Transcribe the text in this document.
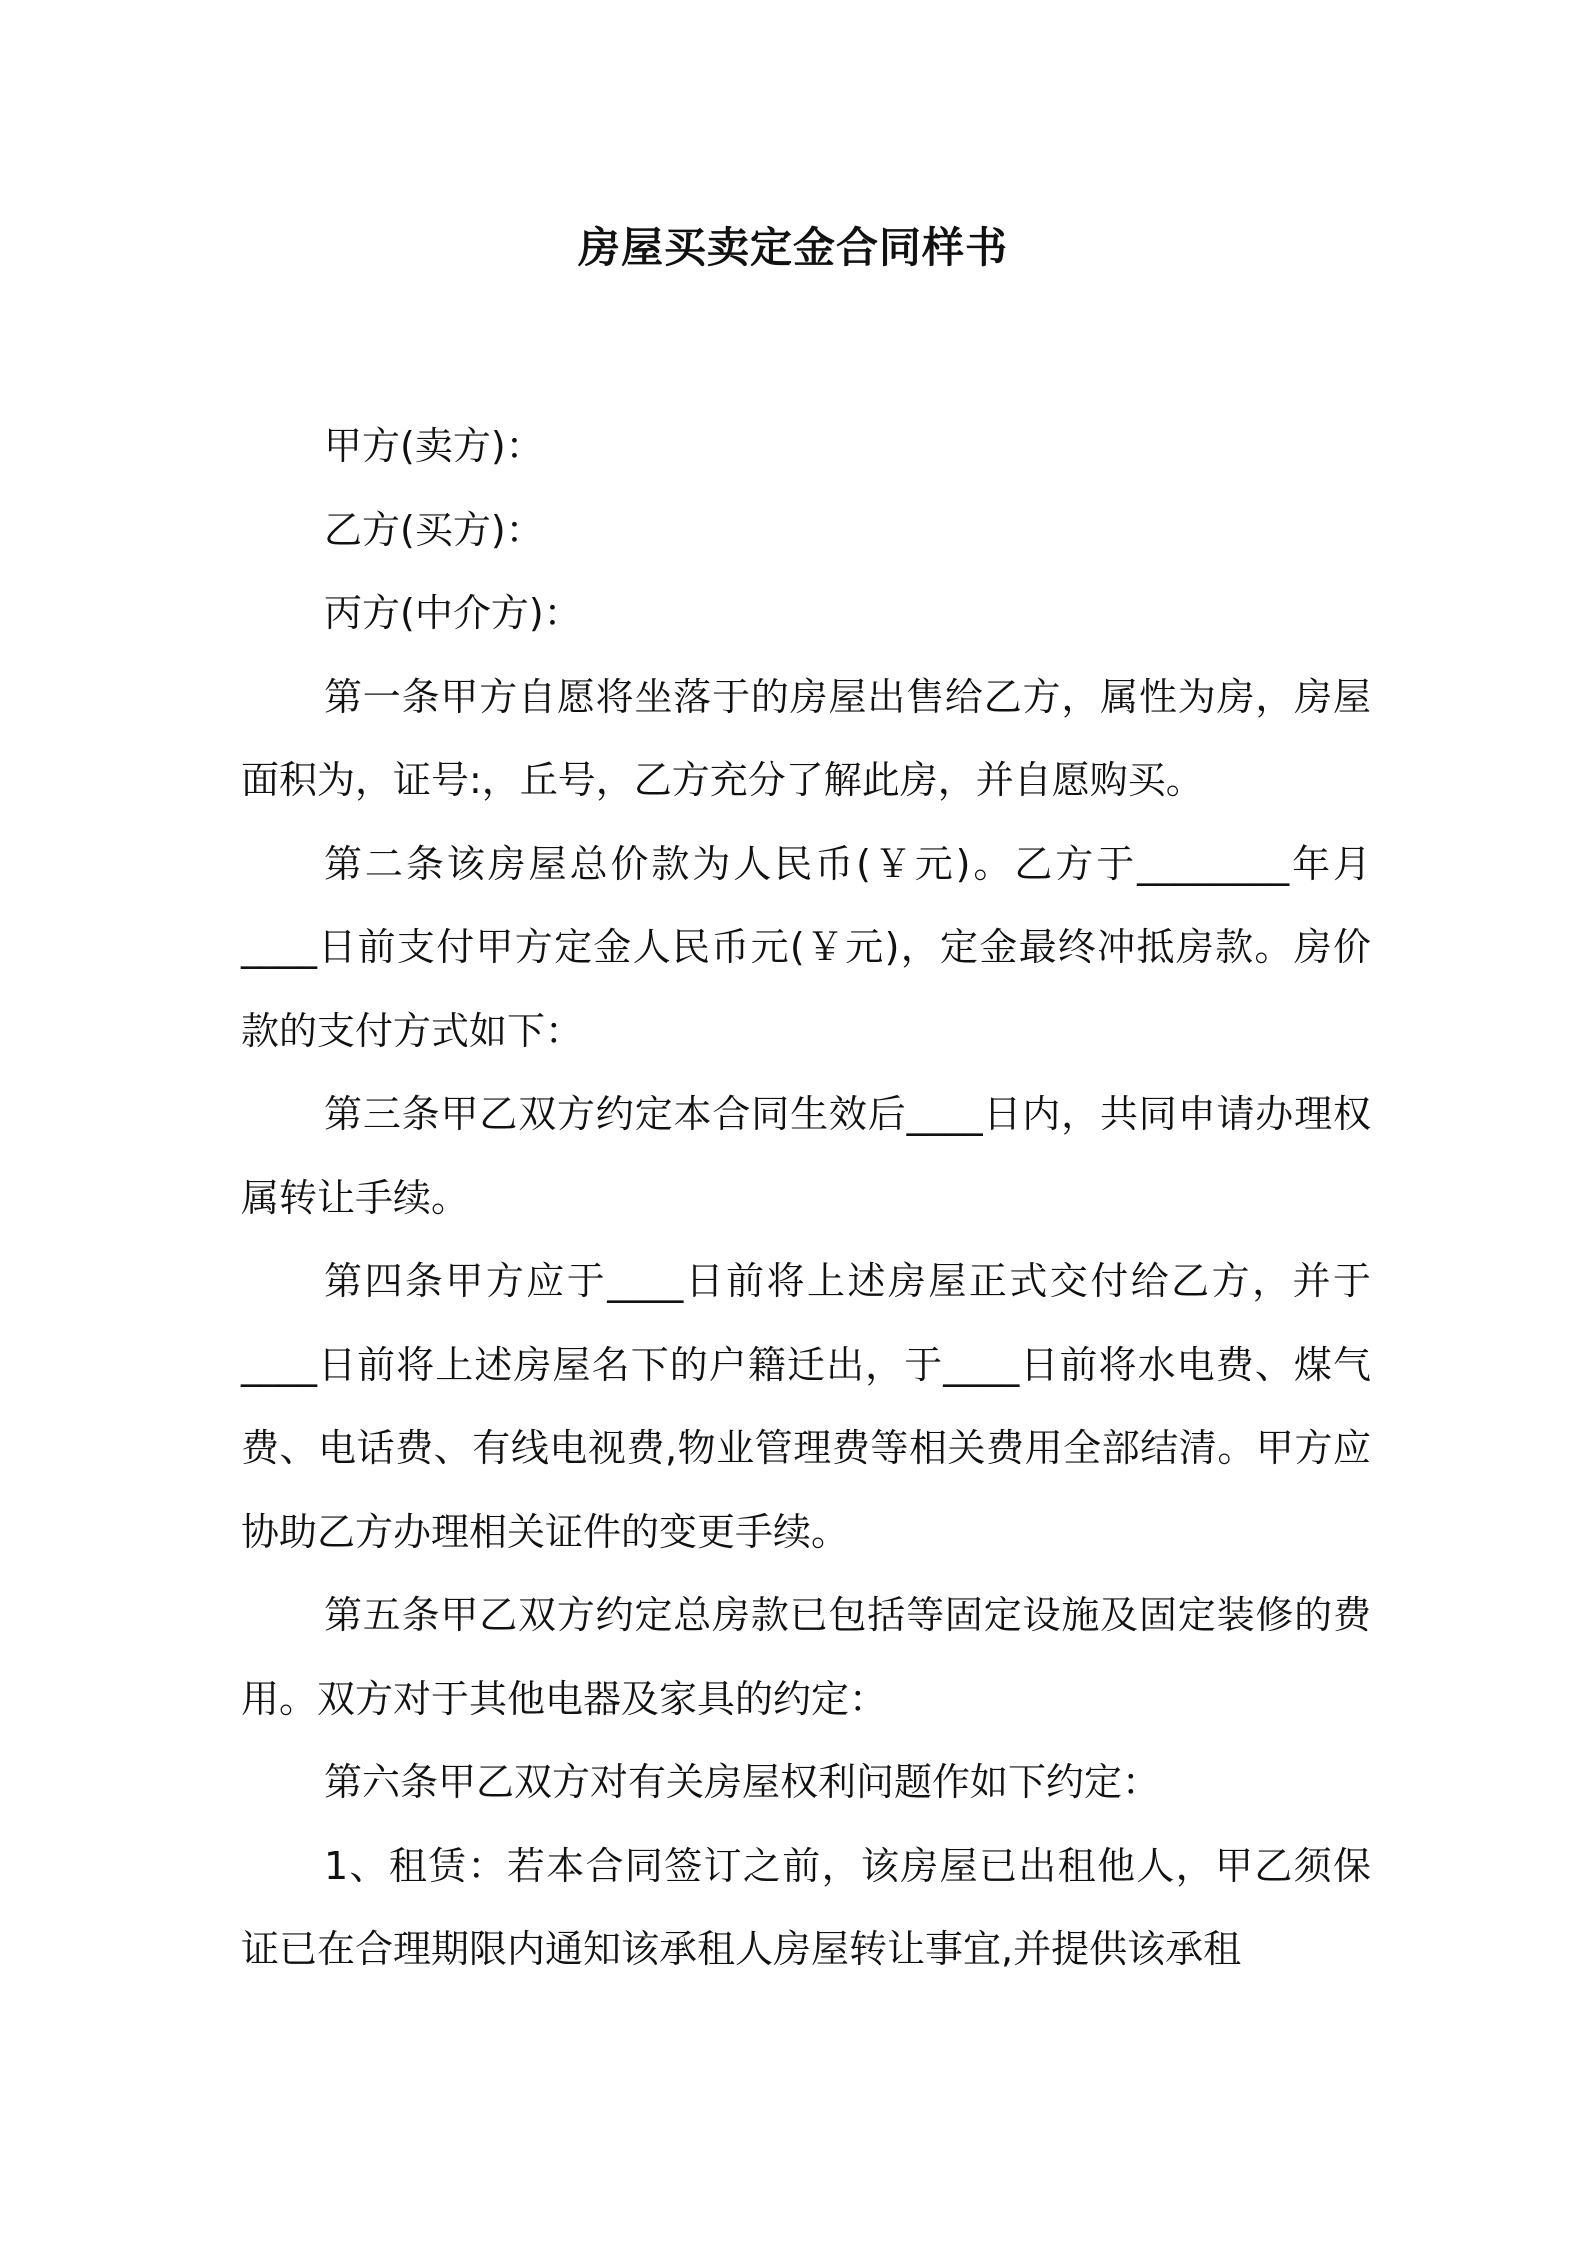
房屋买卖定金合同样书

甲方(卖方)：

乙方(买方)：

丙方(中介方)：

第一条甲方自愿将坐落于的房屋出售给乙方，属性为房，房屋面积为，证号:，丘号，乙方充分了解此房，并自愿购买。

第二条该房屋总价款为人民币(￥元)。乙方于________年月____日前支付甲方定金人民币元(￥元)，定金最终冲抵房款。房价款的支付方式如下：

第三条甲乙双方约定本合同生效后____日内，共同申请办理权属转让手续。

第四条甲方应于____日前将上述房屋正式交付给乙方，并于____日前将上述房屋名下的户籍迁出，于____日前将水电费、煤气费、电话费、有线电视费,物业管理费等相关费用全部结清。甲方应协助乙方办理相关证件的变更手续。

第五条甲乙双方约定总房款已包括等固定设施及固定装修的费用。双方对于其他电器及家具的约定：

第六条甲乙双方对有关房屋权利问题作如下约定：

1、租赁：若本合同签订之前，该房屋已出租他人，甲乙须保证已在合理期限内通知该承租人房屋转让事宜,并提供该承租
